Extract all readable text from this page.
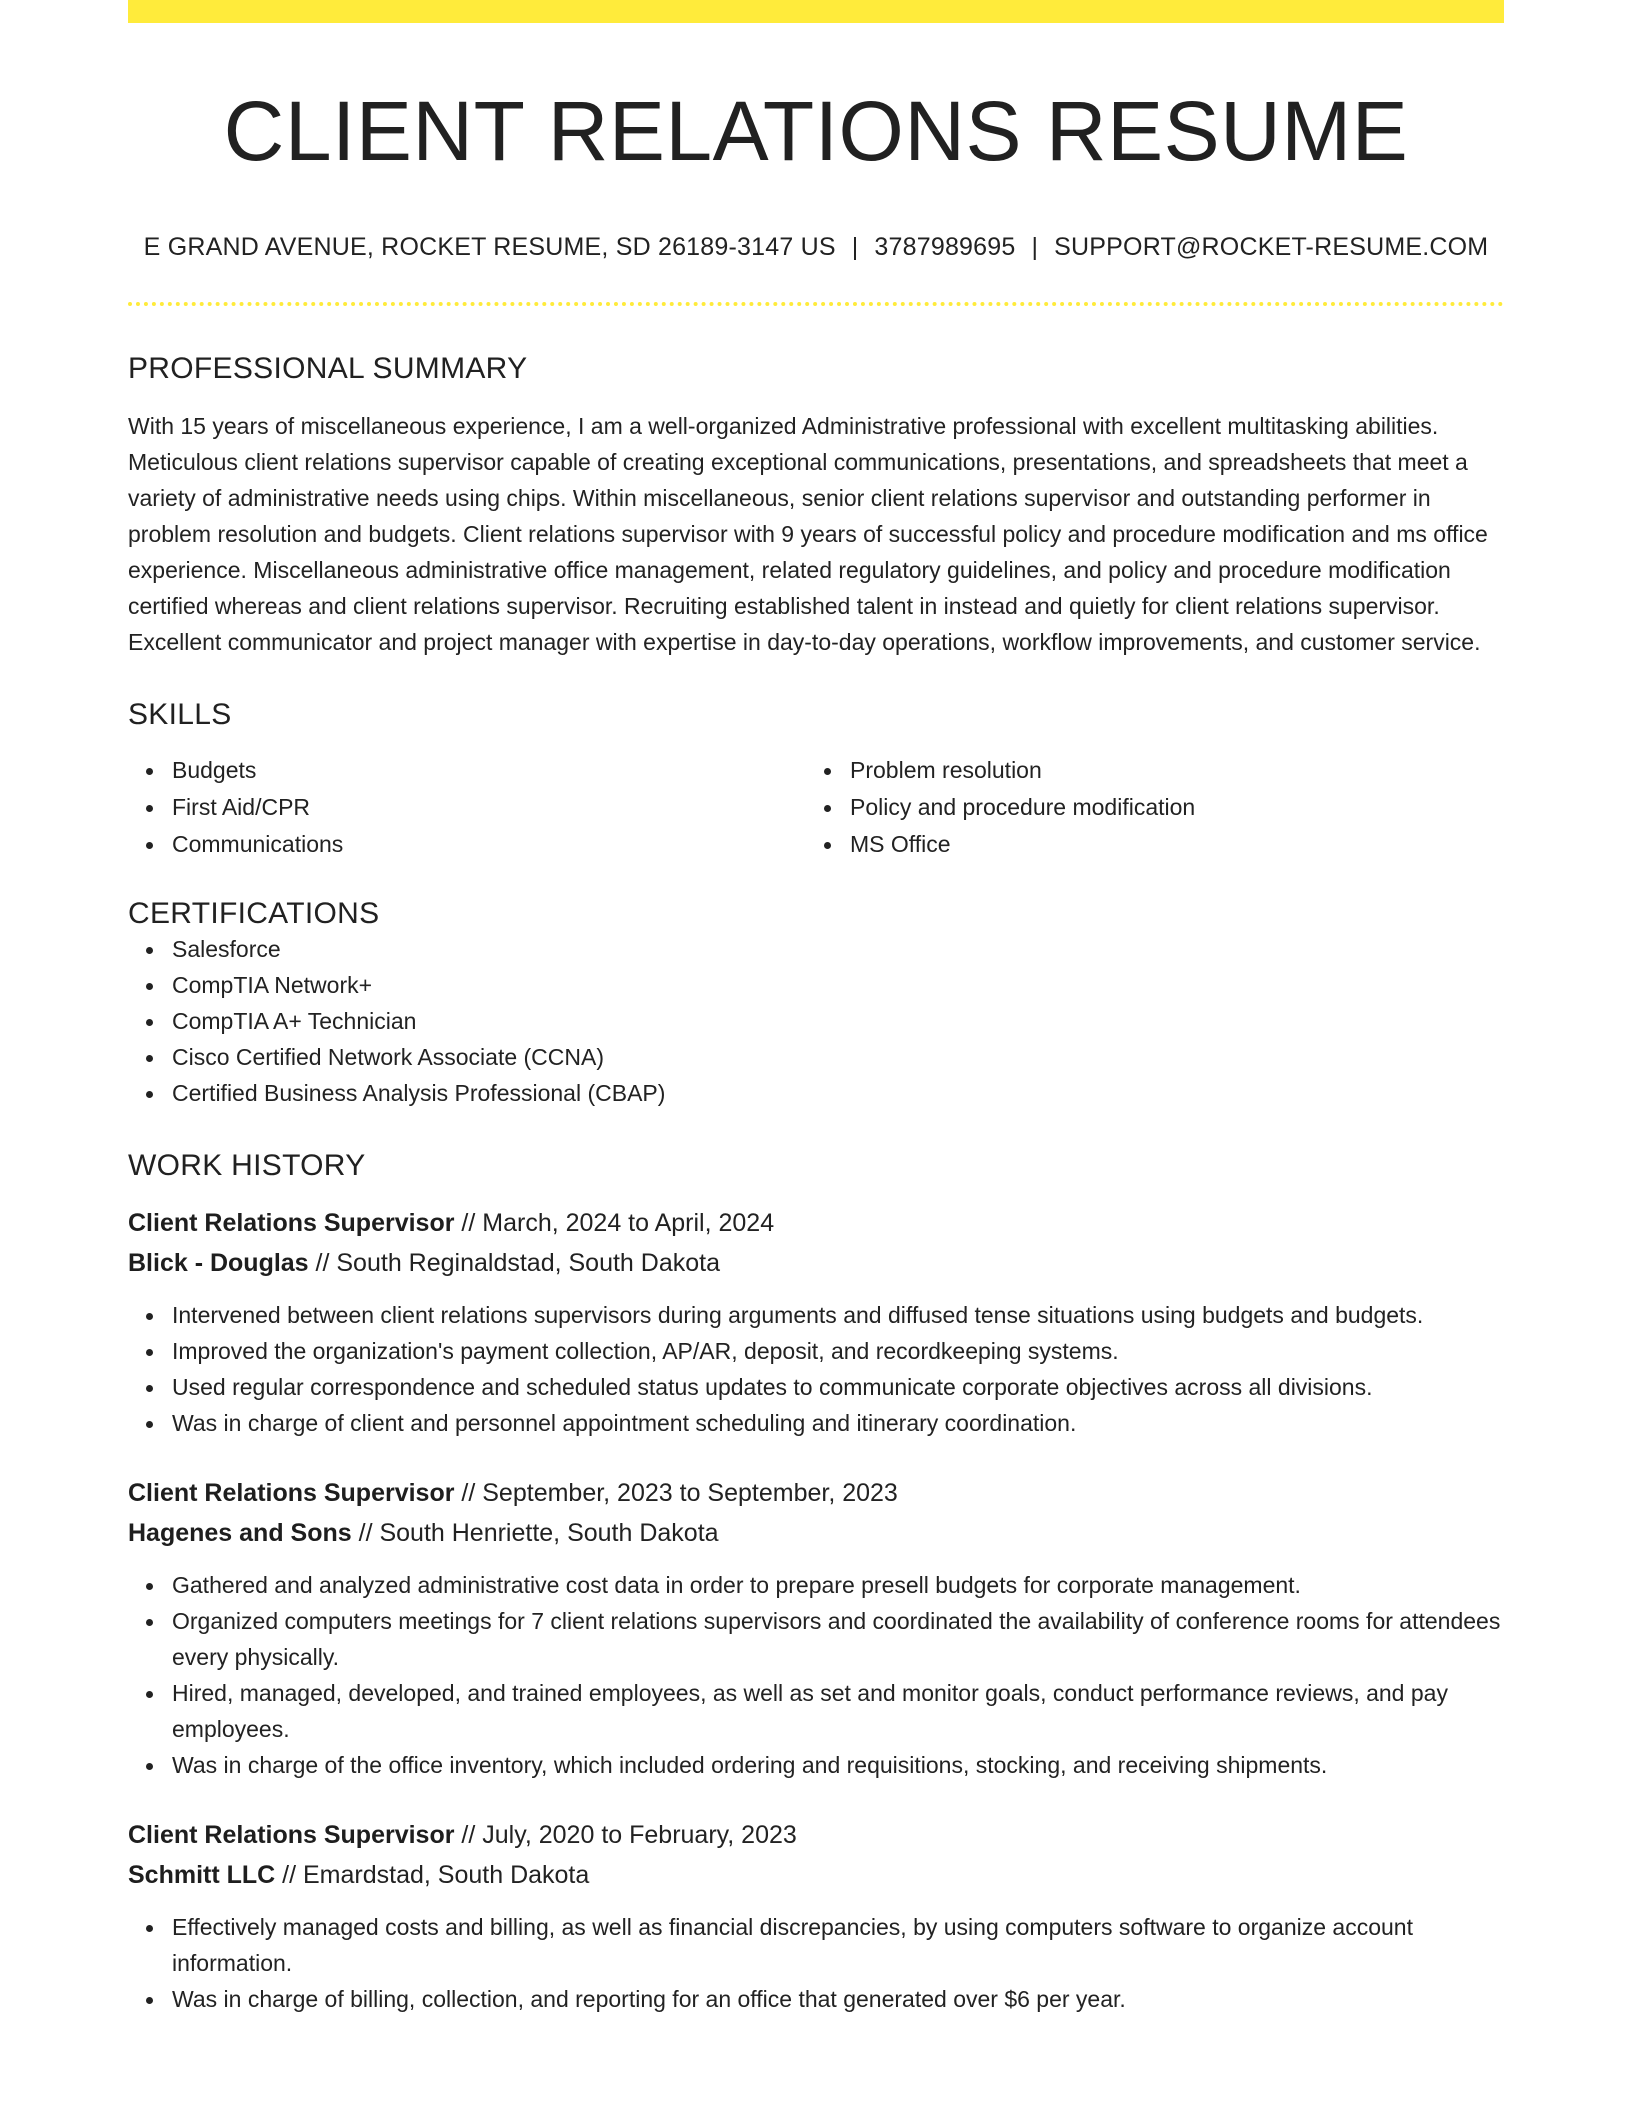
CLIENT RELATIONS RESUME
E GRAND AVENUE, ROCKET RESUME, SD 26189-3147 US | 3787989695 | SUPPORT@ROCKET-RESUME.COM
PROFESSIONAL SUMMARY
With 15 years of miscellaneous experience, I am a well-organized Administrative professional with excellent multitasking abilities. Meticulous client relations supervisor capable of creating exceptional communications, presentations, and spreadsheets that meet a variety of administrative needs using chips. Within miscellaneous, senior client relations supervisor and outstanding performer in problem resolution and budgets. Client relations supervisor with 9 years of successful policy and procedure modification and ms office experience. Miscellaneous administrative office management, related regulatory guidelines, and policy and procedure modification certified whereas and client relations supervisor. Recruiting established talent in instead and quietly for client relations supervisor. Excellent communicator and project manager with expertise in day-to-day operations, workflow improvements, and customer service.
SKILLS
Budgets
First Aid/CPR
Communications
Problem resolution
Policy and procedure modification
MS Office
CERTIFICATIONS
Salesforce
CompTIA Network+
CompTIA A+ Technician
Cisco Certified Network Associate (CCNA)
Certified Business Analysis Professional (CBAP)
WORK HISTORY
Client Relations Supervisor // March, 2024 to April, 2024
Blick - Douglas // South Reginaldstad, South Dakota
Intervened between client relations supervisors during arguments and diffused tense situations using budgets and budgets.
Improved the organization's payment collection, AP/AR, deposit, and recordkeeping systems.
Used regular correspondence and scheduled status updates to communicate corporate objectives across all divisions.
Was in charge of client and personnel appointment scheduling and itinerary coordination.
Client Relations Supervisor // September, 2023 to September, 2023
Hagenes and Sons // South Henriette, South Dakota
Gathered and analyzed administrative cost data in order to prepare presell budgets for corporate management.
Organized computers meetings for 7 client relations supervisors and coordinated the availability of conference rooms for attendees every physically.
Hired, managed, developed, and trained employees, as well as set and monitor goals, conduct performance reviews, and pay employees.
Was in charge of the office inventory, which included ordering and requisitions, stocking, and receiving shipments.
Client Relations Supervisor // July, 2020 to February, 2023
Schmitt LLC // Emardstad, South Dakota
Effectively managed costs and billing, as well as financial discrepancies, by using computers software to organize account information.
Was in charge of billing, collection, and reporting for an office that generated over $6 per year.
